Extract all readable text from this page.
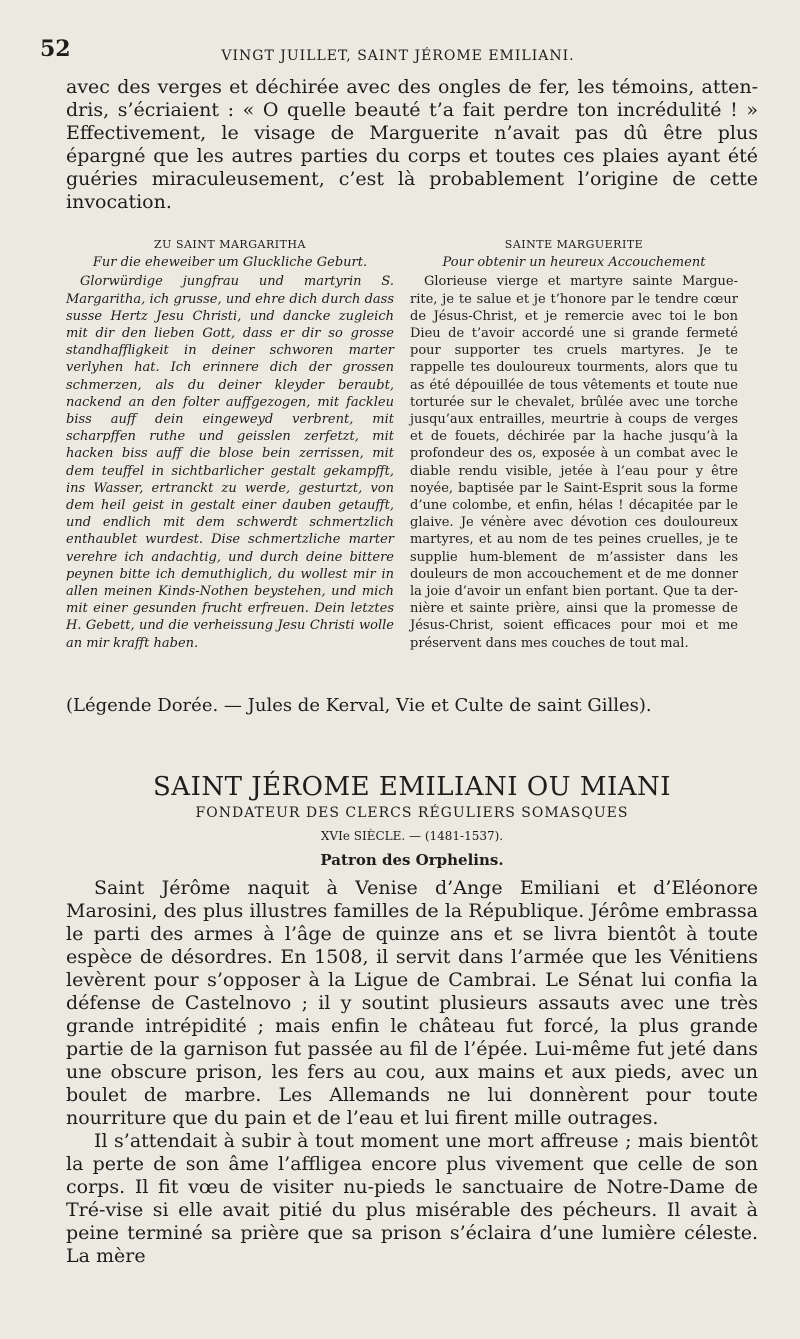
52	VINGT JUILLET, SAINT JÉROME EMILIANI.

avec des verges et déchirée avec des ongles de fer, les témoins, atten-dris, s’écriaient : « O quelle beauté t’a fait perdre ton incrédulité ! » Effectivement, le visage de Marguerite n’avait pas dû être plus épargné que les autres parties du corps et toutes ces plaies ayant été guéries miraculeusement, c’est là probablement l’origine de cette invocation.

ZU SAINT MARGARITHA
Fur die eheweiber um Gluckliche Geburt.

Glorwürdige jungfrau und martyrin S. Margaritha, ich grusse, und ehre dich durch dass susse Hertz Jesu Christi, und dancke zugleich mit dir den lieben Gott, dass er dir so grosse standhaffligkeit in deiner schworen marter verlyhen hat. Ich erinnere dich der grossen schmerzen, als du deiner kleyder beraubt, nackend an den folter auffgezogen, mit fackleu biss auff dein eingeweyd verbrent, mit scharpffen ruthe und geisslen zerfetzt, mit hacken biss auff die blose bein zerrissen, mit dem teuffel in sichtbarlicher gestalt gekampfft, ins Wasser, ertranckt zu werde, gesturtzt, von dem heil geist in gestalt einer dauben getaufft, und endlich mit dem schwerdt schmertzlich enthaublet wurdest. Dise schmertzliche marter verehre ich andachtig, und durch deine bittere peynen bitte ich demuthiglich, du wollest mir in allen meinen Kinds-Nothen beystehen, und mich mit einer gesunden frucht erfreuen. Dein letztes H. Gebett, und die verheissung Jesu Christi wolle an mir krafft haben.

SAINTE MARGUERITE
Pour obtenir un heureux Accouchement

Glorieuse vierge et martyre sainte Margue-rite, je te salue et je t’honore par le tendre cœur de Jésus-Christ, et je remercie avec toi le bon Dieu de t’avoir accordé une si grande fermeté pour supporter tes cruels martyres. Je te rappelle tes douloureux tourments, alors que tu as été dépouillée de tous vêtements et toute nue torturée sur le chevalet, brûlée avec une torche jusqu’aux entrailles, meurtrie à coups de verges et de fouets, déchirée par la hache jusqu’à la profondeur des os, exposée à un combat avec le diable rendu visible, jetée à l’eau pour y être noyée, baptisée par le Saint-Esprit sous la forme d’une colombe, et enfin, hélas ! décapitée par le glaive. Je vénère avec dévotion ces douloureux martyres, et au nom de tes peines cruelles, je te supplie hum-blement de m’assister dans les douleurs de mon accouchement et de me donner la joie d’avoir un enfant bien portant. Que ta der-nière et sainte prière, ainsi que la promesse de Jésus-Christ, soient efficaces pour moi et me préservent dans mes couches de tout mal.

(Légende Dorée. — Jules de Kerval, Vie et Culte de saint Gilles).
SAINT JÉROME EMILIANI OU MIANI
FONDATEUR DES CLERCS RÉGULIERS SOMASQUES
XVIe SIÈCLE. — (1481-1537).
Patron des Orphelins.

Saint Jérôme naquit à Venise d’Ange Emiliani et d’Eléonore Marosini, des plus illustres familles de la République. Jérôme embrassa le parti des armes à l’âge de quinze ans et se livra bientôt à toute espèce de désordres. En 1508, il servit dans l’armée que les Vénitiens levèrent pour s’opposer à la Ligue de Cambrai. Le Sénat lui confia la défense de Castelnovo ; il y soutint plusieurs assauts avec une très grande intrépidité ; mais enfin le château fut forcé, la plus grande partie de la garnison fut passée au fil de l’épée. Lui-même fut jeté dans une obscure prison, les fers au cou, aux mains et aux pieds, avec un boulet de marbre. Les Allemands ne lui donnèrent pour toute nourriture que du pain et de l’eau et lui firent mille outrages.

Il s’attendait à subir à tout moment une mort affreuse ; mais bientôt la perte de son âme l’affligea encore plus vivement que celle de son corps. Il fit vœu de visiter nu-pieds le sanctuaire de Notre-Dame de Tré-vise si elle avait pitié du plus misérable des pécheurs. Il avait à peine terminé sa prière que sa prison s’éclaira d’une lumière céleste. La mère
